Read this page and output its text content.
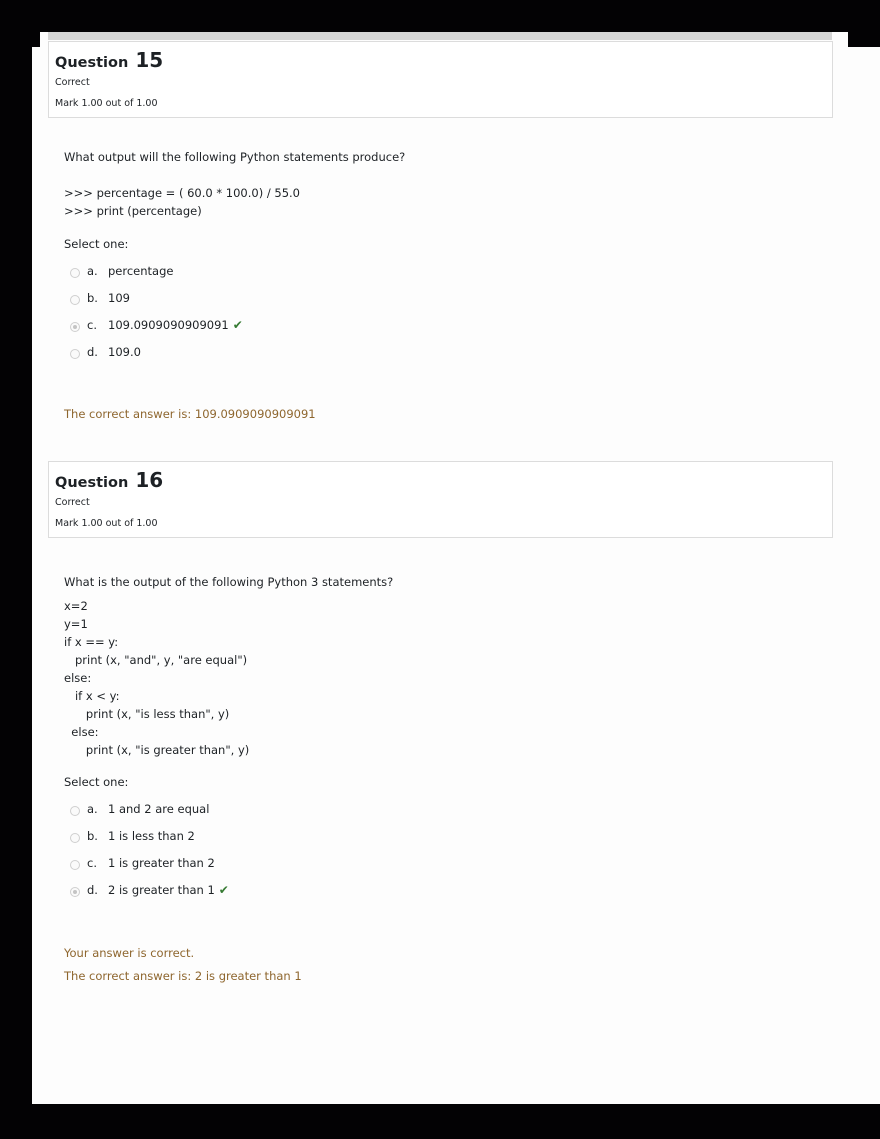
Question 15
Correct
Mark 1.00 out of 1.00
What output will the following Python statements produce?
>>> percentage = ( 60.0 * 100.0) / 55.0
>>> print (percentage)
Select one:
a. percentage
b. 109
c. 109.0909090909091 ✔
d. 109.0
The correct answer is: 109.0909090909091
Question 16
Correct
Mark 1.00 out of 1.00
What is the output of the following Python 3 statements?
x=2
y=1
if x == y:
print (x, "and", y, "are equal")
else:
if x < y:
print (x, "is less than", y)
else:
print (x, "is greater than", y)
Select one:
a. 1 and 2 are equal
b. 1 is less than 2
c. 1 is greater than 2
d. 2 is greater than 1 ✔
Your answer is correct.
The correct answer is: 2 is greater than 1
